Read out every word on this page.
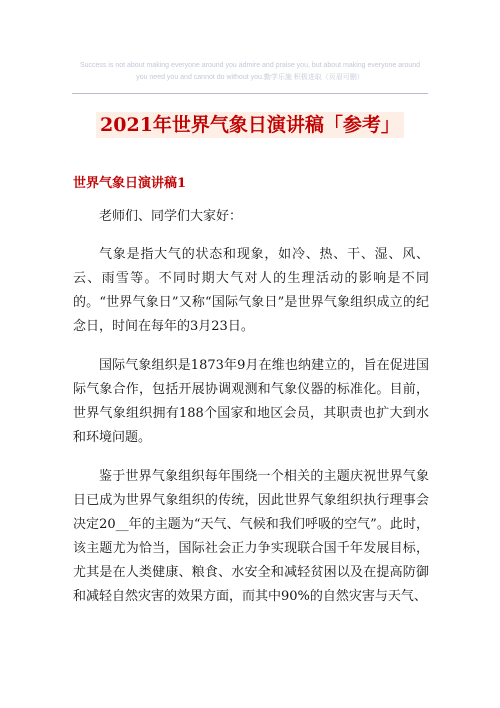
Success is not about making everyone around you admire and praise you, but about making everyone around
you need you and cannot do without you.勤学乐施 积极进取（页眉可删）
2021年世界气象日演讲稿「参考」
世界气象日演讲稿1

老师们、同学们大家好：

气象是指大气的状态和现象，如冷、热、干、湿、风、云、雨雪等。不同时期大气对人的生理活动的影响是不同的。“世界气象日”又称“国际气象日”是世界气象组织成立的纪念日，时间在每年的3月23日。

国际气象组织是1873年9月在维也纳建立的，旨在促进国际气象合作，包括开展协调观测和气象仪器的标准化。目前，世界气象组织拥有188个国家和地区会员，其职责也扩大到水和环境问题。

鉴于世界气象组织每年围绕一个相关的主题庆祝世界气象日已成为世界气象组织的传统，因此世界气象组织执行理事会决定20__年的主题为“天气、气候和我们呼吸的空气”。此时，该主题尤为恰当，国际社会正力争实现联合国千年发展目标，尤其是在人类健康、粮食、水安全和减轻贫困以及在提高防御和减轻自然灾害的效果方面，而其中90%的自然灾害与天气、
